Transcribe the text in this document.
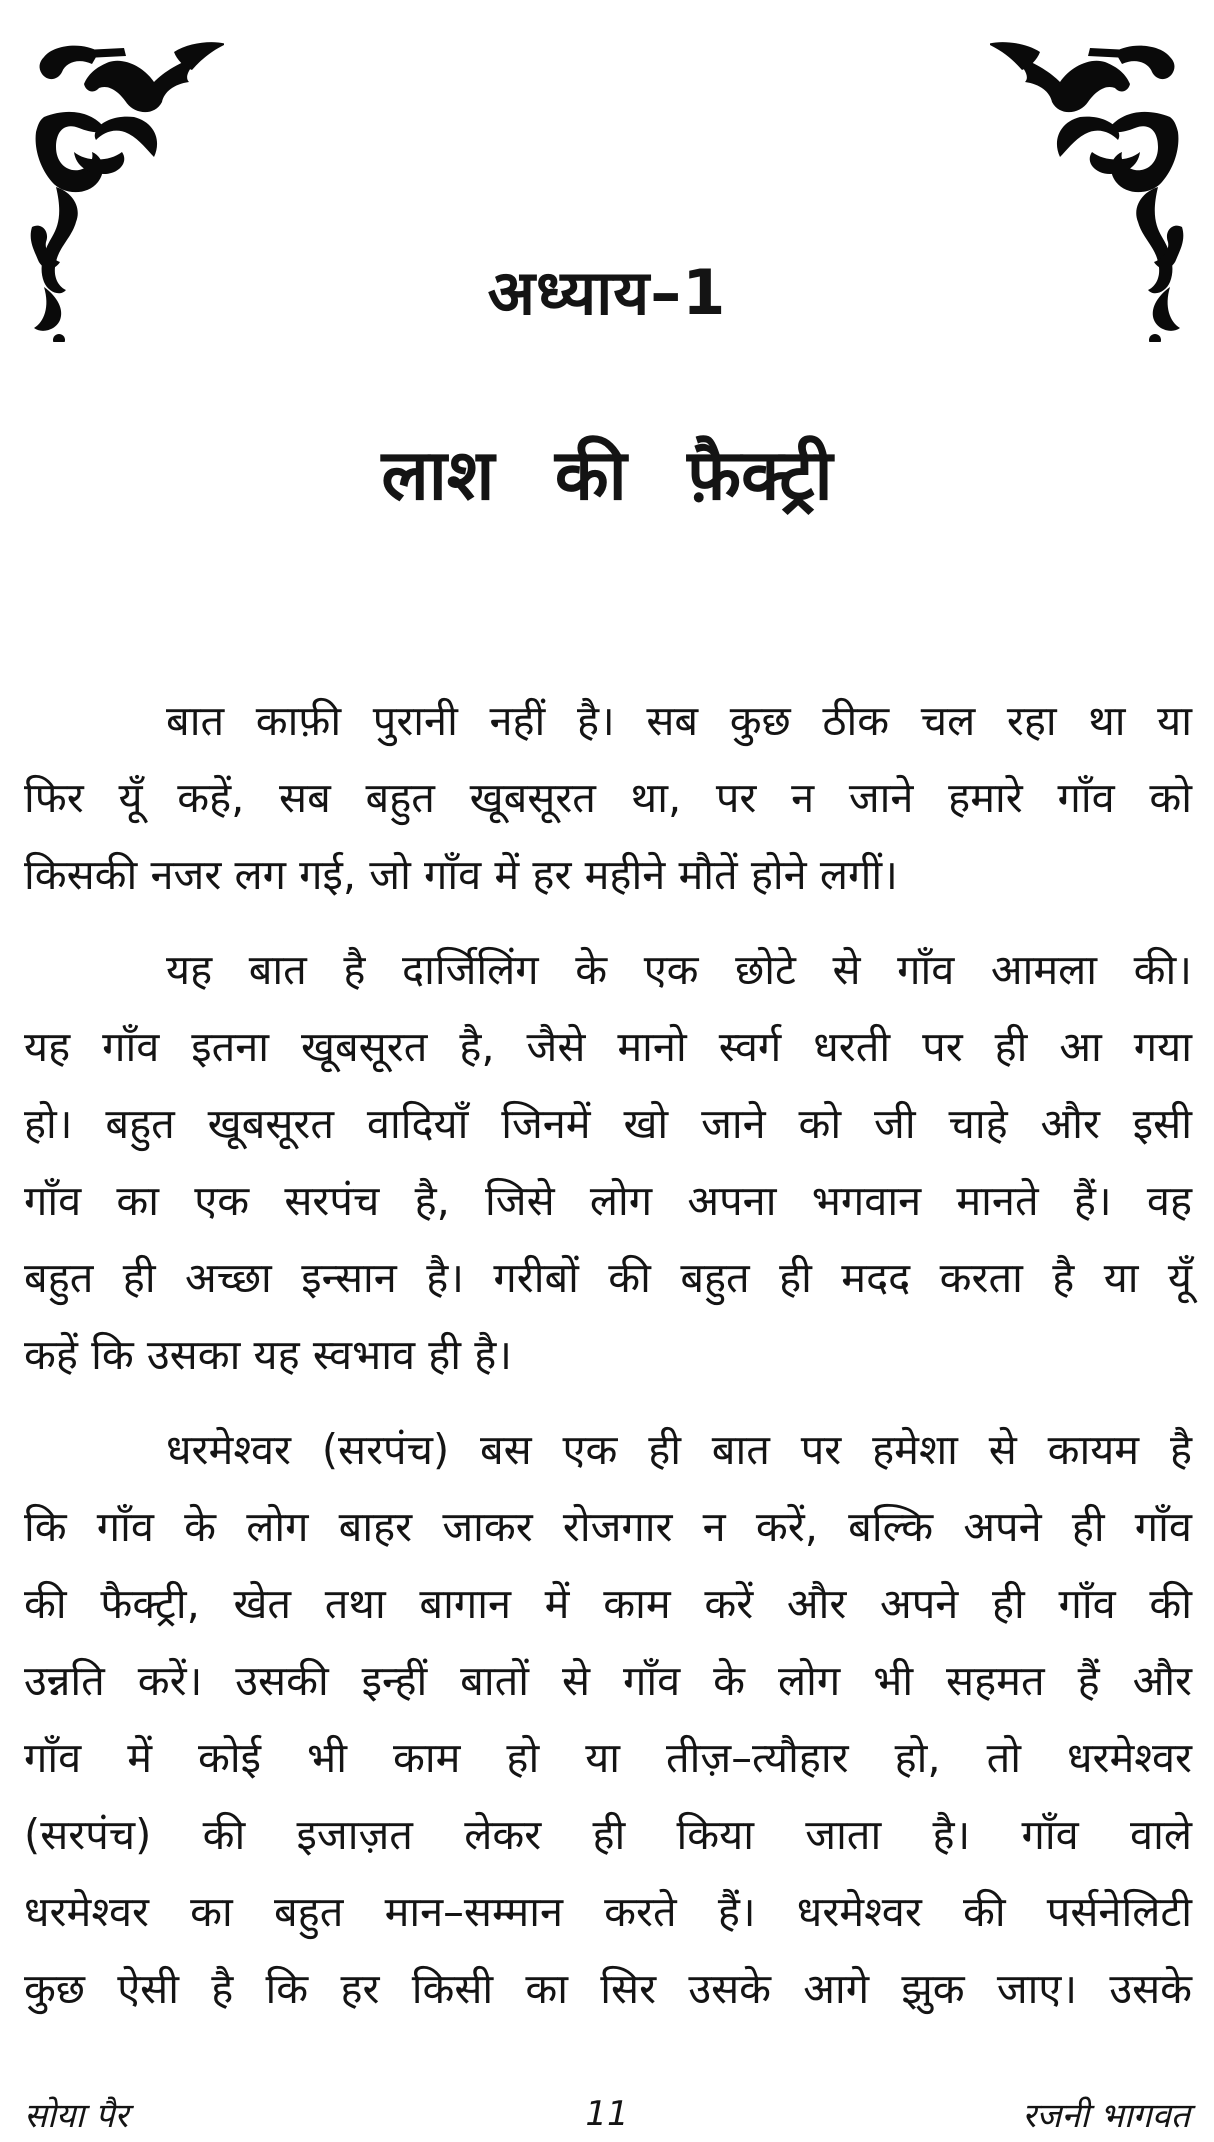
अध्याय–1
लाश की फ़ैक्ट्री

बात काफ़ी पुरानी नहीं है। सब कुछ ठीक चल रहा था या
फिर यूँ कहें, सब बहुत खूबसूरत था, पर न जाने हमारे गाँव को
किसकी नजर लग गई, जो गाँव में हर महीने मौतें होने लगीं।

यह बात है दार्जिलिंग के एक छोटे से गाँव आमला की।
यह गाँव इतना खूबसूरत है, जैसे मानो स्वर्ग धरती पर ही आ गया
हो। बहुत खूबसूरत वादियाँ जिनमें खो जाने को जी चाहे और इसी
गाँव का एक सरपंच है, जिसे लोग अपना भगवान मानते हैं। वह
बहुत ही अच्छा इन्सान है। गरीबों की बहुत ही मदद करता है या यूँ
कहें कि उसका यह स्वभाव ही है।

धरमेश्वर (सरपंच) बस एक ही बात पर हमेशा से कायम है
कि गाँव के लोग बाहर जाकर रोजगार न करें, बल्कि अपने ही गाँव
की फैक्ट्री, खेत तथा बागान में काम करें और अपने ही गाँव की
उन्नति करें। उसकी इन्हीं बातों से गाँव के लोग भी सहमत हैं और
गाँव में कोई भी काम हो या तीज़–त्यौहार हो, तो धरमेश्वर
(सरपंच) की इजाज़त लेकर ही किया जाता है। गाँव वाले
धरमेश्वर का बहुत मान–सम्मान करते हैं। धरमेश्वर की पर्सनेलिटी
कुछ ऐसी है कि हर किसी का सिर उसके आगे झुक जाए। उसके

सोया पैर	11	रजनी भागवत
